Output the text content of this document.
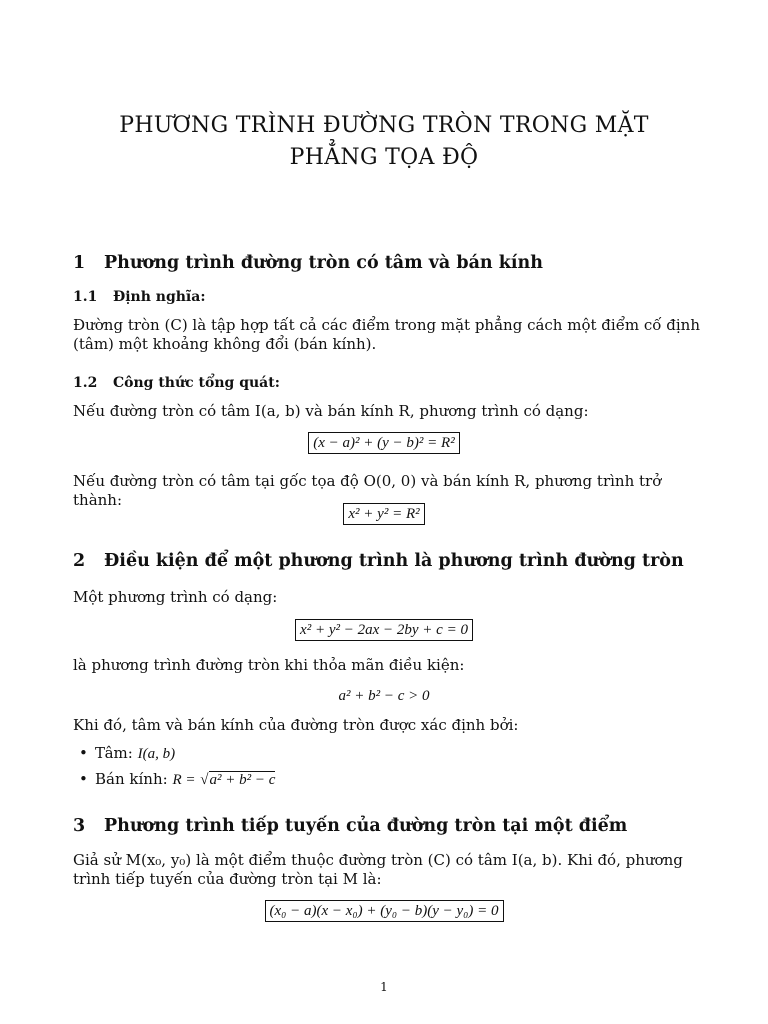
PHƯƠNG TRÌNH ĐƯỜNG TRÒN TRONG MẶT
PHẲNG TỌA ĐỘ
1 Phương trình đường tròn có tâm và bán kính
1.1 Định nghĩa:

Đường tròn (C) là tập hợp tất cả các điểm trong mặt phẳng cách một điểm cố định (tâm) một khoảng không đổi (bán kính).

1.2 Công thức tổng quát:

Nếu đường tròn có tâm I(a, b) và bán kính R, phương trình có dạng:

(x − a)² + (y − b)² = R²

Nếu đường tròn có tâm tại gốc tọa độ O(0, 0) và bán kính R, phương trình trở thành:

x² + y² = R²
2 Điều kiện để một phương trình là phương trình đường tròn

Một phương trình có dạng:

x² + y² − 2ax − 2by + c = 0

là phương trình đường tròn khi thỏa mãn điều kiện:

a² + b² − c > 0

Khi đó, tâm và bán kính của đường tròn được xác định bởi:

• Tâm: I(a, b)
• Bán kính: R = √a² + b² − c
3 Phương trình tiếp tuyến của đường tròn tại một điểm

Giả sử M(x₀, y₀) là một điểm thuộc đường tròn (C) có tâm I(a, b). Khi đó, phương trình tiếp tuyến của đường tròn tại M là:

(x₀ − a)(x − x₀) + (y₀ − b)(y − y₀) = 0
1
